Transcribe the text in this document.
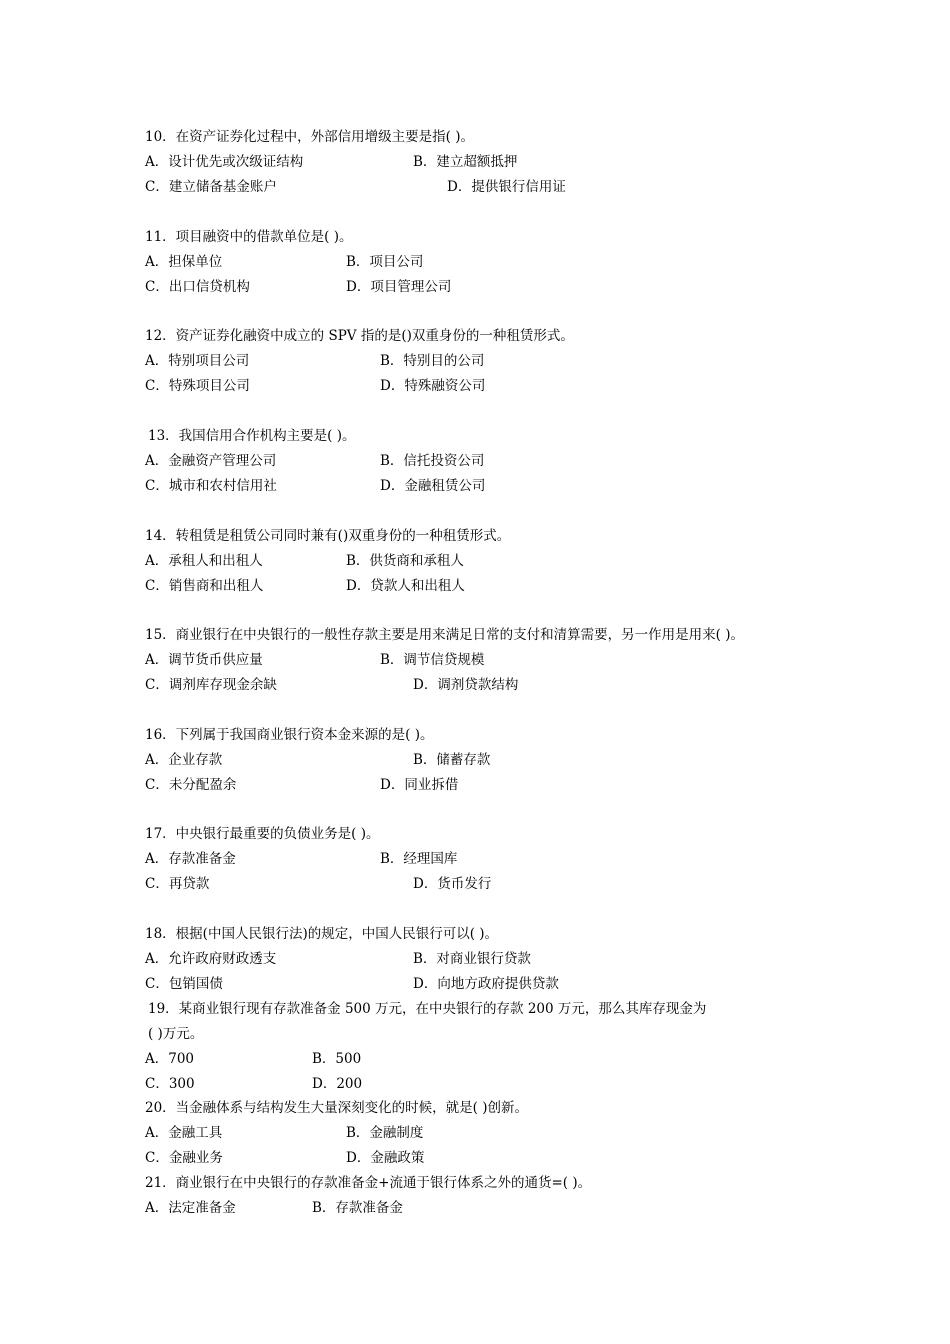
10．在资产证券化过程中，外部信用增级主要是指( )。
A．设计优先或次级证结构	B．建立超额抵押
C．建立储备基金账户	D．提供银行信用证
11．项目融资中的借款单位是( )。
A．担保单位	B．项目公司
C．出口信贷机构	D．项目管理公司
12．资产证券化融资中成立的 SPV 指的是()双重身份的一种租赁形式。
A．特别项目公司	B．特别目的公司
C．特殊项目公司	D．特殊融资公司
13．我国信用合作机构主要是( )。
A．金融资产管理公司	B．信托投资公司
C．城市和农村信用社	D．金融租赁公司
14．转租赁是租赁公司同时兼有()双重身份的一种租赁形式。
A．承租人和出租人	B．供货商和承租人
C．销售商和出租人	D．贷款人和出租人
15．商业银行在中央银行的一般性存款主要是用来满足日常的支付和清算需要，另一作用是用来( )。
A．调节货币供应量	B．调节信贷规模
C．调剂库存现金余缺	D．调剂贷款结构
16．下列属于我国商业银行资本金来源的是( )。
A．企业存款	B．储蓄存款
C．未分配盈余	D．同业拆借
17．中央银行最重要的负债业务是( )。
A．存款准备金	B．经理国库
C．再贷款	D．货币发行
18．根据(中国人民银行法)的规定，中国人民银行可以( )。
A．允许政府财政透支	B．对商业银行贷款
C．包销国债	D．向地方政府提供贷款
19．某商业银行现有存款准备金 500 万元，在中央银行的存款 200 万元，那么其库存现金为
( )万元。
A．700	B．500
C．300	D．200
20．当金融体系与结构发生大量深刻变化的时候，就是( )创新。
A．金融工具	B．金融制度
C．金融业务	D．金融政策
21．商业银行在中央银行的存款准备金+流通于银行体系之外的通货=( )。
A．法定准备金	B．存款准备金
